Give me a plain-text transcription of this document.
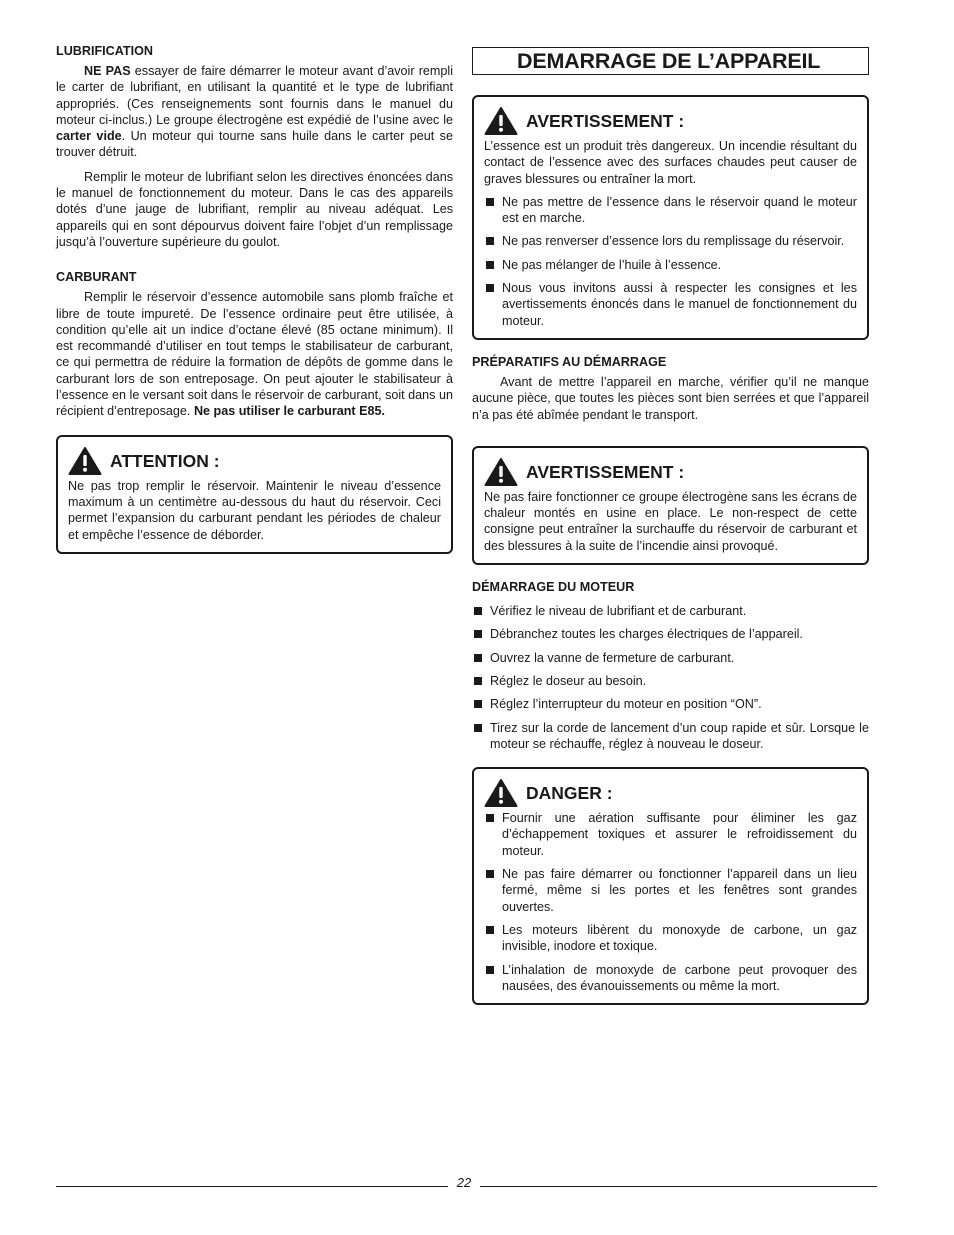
LUBRIFICATION

NE PAS essayer de faire démarrer le moteur avant d’avoir rempli le carter de lubrifiant, en utilisant la quantité et le type de lubrifiant appropriés. (Ces renseignements sont fournis dans le manuel du moteur ci-inclus.) Le groupe électrogène est expédié de l’usine avec le carter vide. Un moteur qui tourne sans huile dans le carter peut se trouver détruit.

Remplir le moteur de lubrifiant selon les directives énoncées dans le manuel de fonctionnement du moteur. Dans le cas des appareils dotés d’une jauge de lubrifiant, remplir au niveau adéquat. Les appareils qui en sont dépourvus doivent faire l’objet d’un remplissage jusqu’à l’ouverture supérieure du goulot.

CARBURANT

Remplir le réservoir d’essence automobile sans plomb fraîche et libre de toute impureté. De l’essence ordinaire peut être utilisée, à condition qu’elle ait un indice d’octane élevé (85 octane minimum). Il est recommandé d’utiliser en tout temps le stabilisateur de carburant, ce qui permettra de réduire la formation de dépôts de gomme dans le carburant lors de son entreposage. On peut ajouter le stabilisateur à l’essence en le versant soit dans le réservoir de carburant, soit dans un récipient d’entreposage. Ne pas utiliser le carburant E85.

ATTENTION :

Ne pas trop remplir le réservoir. Maintenir le niveau d’essence maximum à un centimètre au-dessous du haut du réservoir. Ceci permet l’expansion du carburant pendant les périodes de chaleur et empêche l’essence de déborder.

DEMARRAGE DE L’APPAREIL
AVERTISSEMENT :

L’essence est un produit très dangereux. Un incendie résultant du contact de l’essence avec des surfaces chaudes peut causer de graves blessures ou entraîner la mort.

Ne pas mettre de l’essence dans le réservoir quand le moteur est en marche.
Ne pas renverser d’essence lors du remplissage du réservoir.
Ne pas mélanger de l’huile à l’essence.
Nous vous invitons aussi à respecter les consignes et les avertissements énoncés dans le manuel de fonctionnement du moteur.
PRÉPARATIFS AU DÉMARRAGE

Avant de mettre l’appareil en marche, vérifier qu’il ne manque aucune pièce, que toutes les pièces sont bien serrées et que l’appareil n’a pas été abîmée pendant le transport.

AVERTISSEMENT :

Ne pas faire fonctionner ce groupe électrogène sans les écrans de chaleur montés en usine en place. Le non-respect de cette consigne peut entraîner la surchauffe du réservoir de carburant et des blessures à la suite de l’incendie ainsi provoqué.

DÉMARRAGE DU MOTEUR
Vérifiez le niveau de lubrifiant et de carburant.
Débranchez toutes les charges électriques de l’appareil.
Ouvrez la vanne de fermeture de carburant.
Réglez le doseur au besoin.
Réglez l’interrupteur du moteur en position “ON”.
Tirez sur la corde de lancement d’un coup rapide et sûr. Lorsque le moteur se réchauffe, réglez à nouveau le doseur.
DANGER :
Fournir une aération suffisante pour éliminer les gaz d’échappement toxiques et assurer le refroidissement du moteur.
Ne pas faire démarrer ou fonctionner l’appareil dans un lieu fermé, même si les portes et les fenêtres sont grandes ouvertes.
Les moteurs libèrent du monoxyde de carbone, un gaz invisible, inodore et toxique.
L’inhalation de monoxyde de carbone peut provoquer des nausées, des évanouissements ou même la mort.
22
